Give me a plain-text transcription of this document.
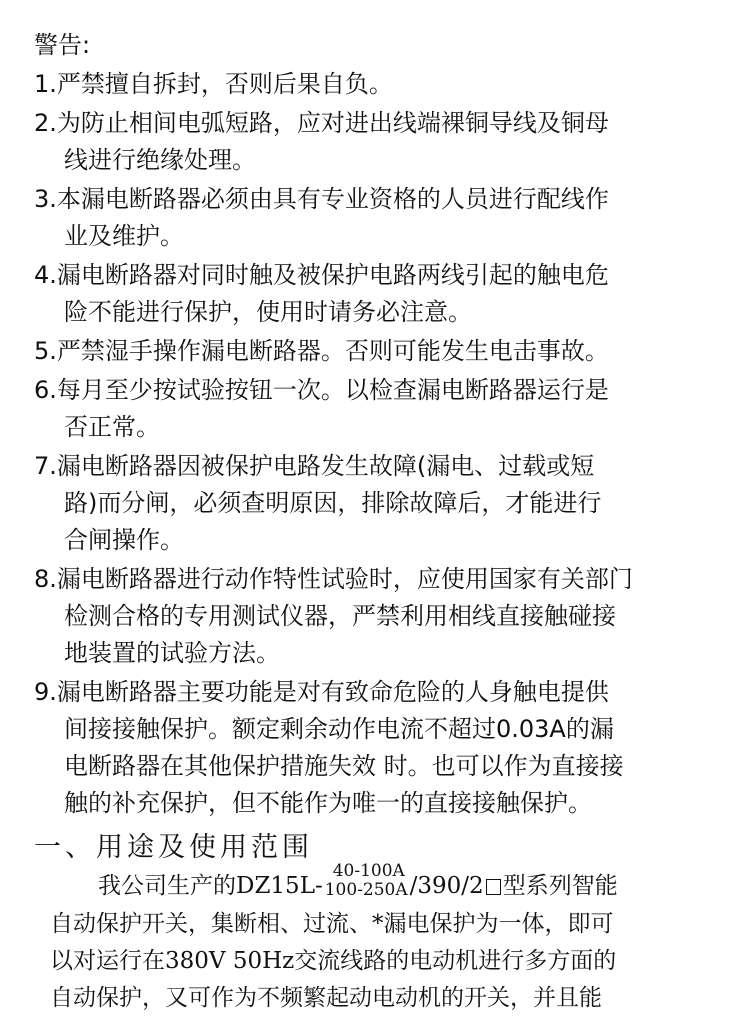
警告:
1.严禁擅自拆封，否则后果自负。
2.为防止相间电弧短路，应对进出线端裸铜导线及铜母
线进行绝缘处理。
3.本漏电断路器必须由具有专业资格的人员进行配线作
业及维护。
4.漏电断路器对同时触及被保护电路两线引起的触电危
险不能进行保护，使用时请务必注意。
5.严禁湿手操作漏电断路器。否则可能发生电击事故。
6.每月至少按试验按钮一次。以检查漏电断路器运行是
否正常。
7.漏电断路器因被保护电路发生故障(漏电、过载或短
路)而分闸，必须查明原因，排除故障后，才能进行
合闸操作。
8.漏电断路器进行动作特性试验时，应使用国家有关部门
检测合格的专用测试仪器，严禁利用相线直接触碰接
地装置的试验方法。
9.漏电断路器主要功能是对有致命危险的人身触电提供
间接接触保护。额定剩余动作电流不超过0.03A的漏
电断路器在其他保护措施失效 时。也可以作为直接接
触的补充保护，但不能作为唯一的直接接触保护。
一、用途及使用范围
我公司生产的DZ15L-
40-100A
100-250A /390/2 型系列智能
自动保护开关，集断相、过流、*漏电保护为一体，即可
以对运行在380V 50Hz交流线路的电动机进行多方面的
自动保护，又可作为不频繁起动电动机的开关，并且能
